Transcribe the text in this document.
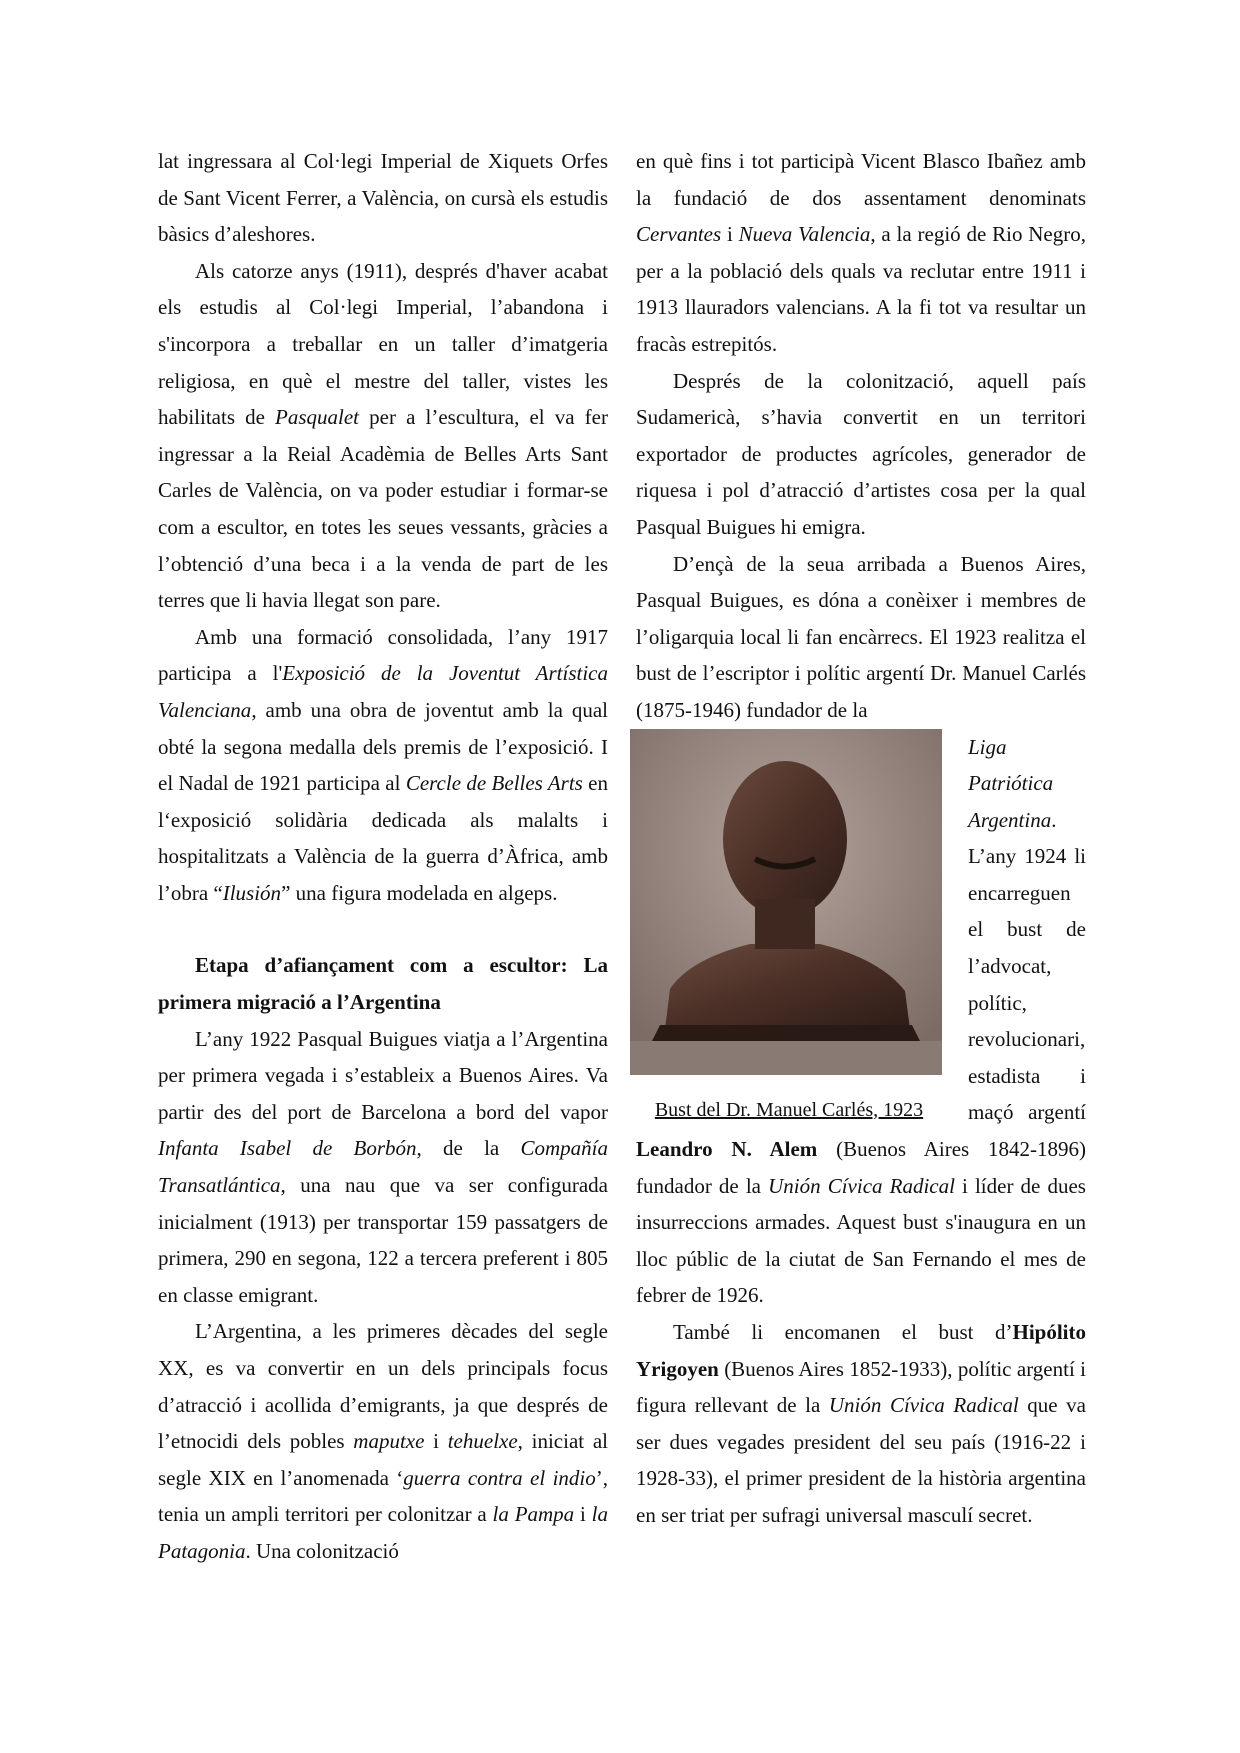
lat ingressara al Col·legi Imperial de Xiquets Orfes de Sant Vicent Ferrer, a València, on cursà els estudis bàsics d’aleshores.

Als catorze anys (1911), després d'haver acabat els estudis al Col·legi Imperial, l’abandona i s'incorpora a treballar en un taller d’imatgeria religiosa, en què el mestre del taller, vistes les habilitats de Pasqualet per a l’escultura, el va fer ingressar a la Reial Acadèmia de Belles Arts Sant Carles de València, on va poder estudiar i formar-se com a escultor, en totes les seues vessants, gràcies a l’obtenció d’una beca i a la venda de part de les terres que li havia llegat son pare.

Amb una formació consolidada, l’any 1917 participa a l'Exposició de la Joventut Artística Valenciana, amb una obra de joventut amb la qual obté la segona medalla dels premis de l’exposició. I el Nadal de 1921 participa al Cercle de Belles Arts en l‘exposició solidària dedicada als malalts i hospitalitzats a València de la guerra d’Àfrica, amb l’obra “Ilusión” una figura modelada en algeps.

Etapa d’afiançament com a escultor: La primera migració a l’Argentina

L’any 1922 Pasqual Buigues viatja a l’Argentina per primera vegada i s’estableix a Buenos Aires. Va partir des del port de Barcelona a bord del vapor Infanta Isabel de Borbón, de la Compañía Transatlántica, una nau que va ser configurada inicialment (1913) per transportar 159 passatgers de primera, 290 en segona, 122 a tercera preferent i 805 en classe emigrant.

L’Argentina, a les primeres dècades del segle XX, es va convertir en un dels principals focus d’atracció i acollida d’emigrants, ja que després de l’etnocidi dels pobles maputxe i tehuelxe, iniciat al segle XIX en l’anomenada ‘guerra contra el indio’, tenia un ampli territori per colonitzar a la Pampa i la Patagonia. Una colonització

en què fins i tot participà Vicent Blasco Ibañez amb la fundació de dos assentament denominats Cervantes i Nueva Valencia, a la regió de Rio Negro, per a la població dels quals va reclutar entre 1911 i 1913 llauradors valencians. A la fi tot va resultar un fracàs estrepitós.

Després de la colonització, aquell país Sudamericà, s’havia convertit en un territori exportador de productes agrícoles, generador de riquesa i pol d’atracció d’artistes cosa per la qual Pasqual Buigues hi emigra.

D’ençà de la seua arribada a Buenos Aires, Pasqual Buigues, es dóna a conèixer i membres de l’oligarquia local li fan encàrrecs. El 1923 realitza el bust de l’escriptor i polític argentí Dr. Manuel Carlés (1875-1946) fundador de la

Bust del Dr. Manuel Carlés, 1923

Liga Patriótica Argentina. L’any 1924 li encarreguen el bust de l’advocat, polític, revolucionari, estadista i maçó argentí Leandro N. Alem (Buenos Aires 1842-1896) fundador de la Unión Cívica Radical i líder de dues insurreccions armades. Aquest bust s'inaugura en un lloc públic de la ciutat de San Fernando el mes de febrer de 1926.

També li encomanen el bust d’Hipólito Yrigoyen (Buenos Aires 1852-1933), polític argentí i figura rellevant de la Unión Cívica Radical que va ser dues vegades president del seu país (1916-22 i 1928-33), el primer president de la història argentina en ser triat per sufragi universal masculí secret.
